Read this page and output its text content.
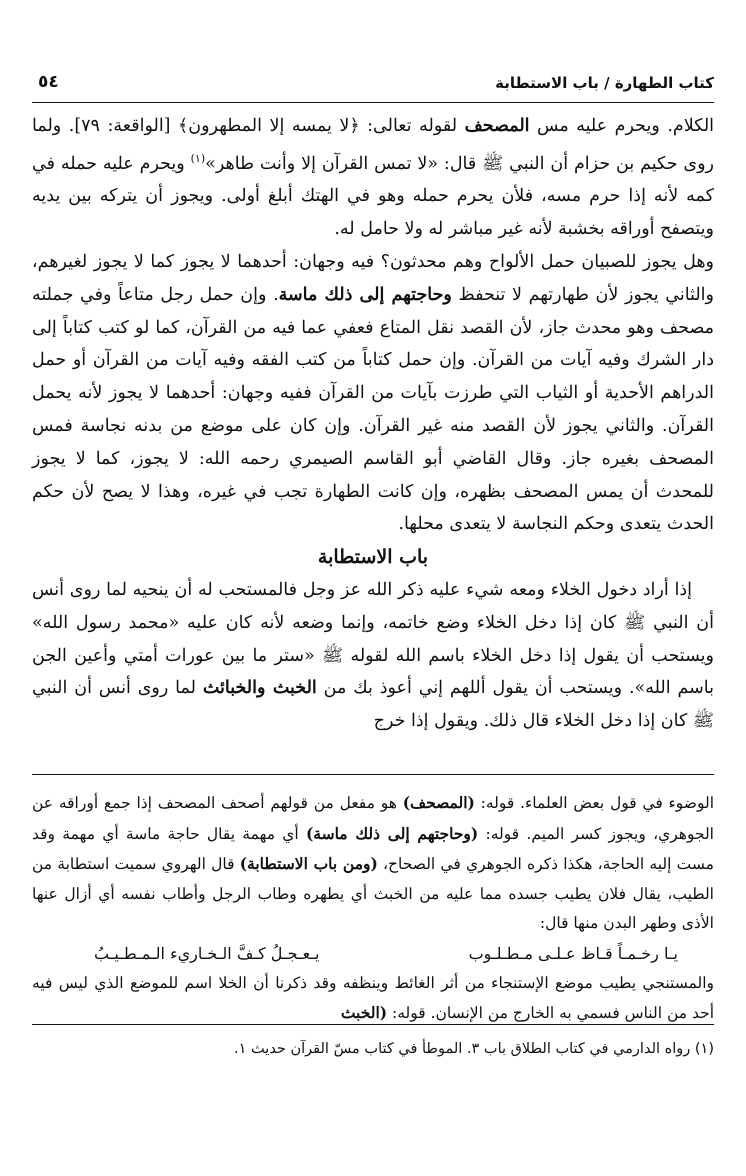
كتاب الطهارة / باب الاستطابة
٥٤

الكلام. ويحرم عليه مس المصحف لقوله تعالى: ﴿لا يمسه إلا المطهرون﴾ [الواقعة: ٧٩]. ولما روى حكيم بن حزام أن النبي ﷺ قال: «لا تمس القرآن إلا وأنت طاهر»$^{(١)}$ ويحرم عليه حمله في كمه لأنه إذا حرم مسه، فلأن يحرم حمله وهو في الهتك أبلغ أولى. ويجوز أن يتركه بين يديه ويتصفح أوراقه بخشبة لأنه غير مباشر له ولا حامل له.

وهل يجوز للصبيان حمل الألواح وهم محدثون؟ فيه وجهان: أحدهما لا يجوز كما لا يجوز لغيرهم، والثاني يجوز لأن طهارتهم لا تنحفظ وحاجتهم إلى ذلك ماسة. وإن حمل رجل متاعاً وفي جملته مصحف وهو محدث جاز، لأن القصد نقل المتاع فعفي عما فيه من القرآن، كما لو كتب كتاباً إلى دار الشرك وفيه آيات من القرآن. وإن حمل كتاباً من كتب الفقه وفيه آيات من القرآن أو حمل الدراهم الأحدية أو الثياب التي طرزت بآيات من القرآن ففيه وجهان: أحدهما لا يجوز لأنه يحمل القرآن. والثاني يجوز لأن القصد منه غير القرآن. وإن كان على موضع من بدنه نجاسة فمس المصحف بغيره جاز. وقال القاضي أبو القاسم الصيمري رحمه الله: لا يجوز، كما لا يجوز للمحدث أن يمس المصحف بظهره، وإن كانت الطهارة تجب في غيره، وهذا لا يصح لأن حكم الحدث يتعدى وحكم النجاسة لا يتعدى محلها.

باب الاستطابة

إذا أراد دخول الخلاء ومعه شيء عليه ذكر الله عز وجل فالمستحب له أن ينحيه لما روى أنس أن النبي ﷺ كان إذا دخل الخلاء وضع خاتمه، وإنما وضعه لأنه كان عليه «محمد رسول الله» ويستحب أن يقول إذا دخل الخلاء باسم الله لقوله ﷺ «ستر ما بين عورات أمتي وأعين الجن باسم الله». ويستحب أن يقول أللهم إني أعوذ بك من الخبث والخبائث لما روى أنس أن النبي ﷺ كان إذا دخل الخلاء قال ذلك. ويقول إذا خرج

الوضوء في قول بعض العلماء. قوله: (المصحف) هو مفعل من قولهم أصحف المصحف إذا جمع أوراقه عن الجوهري، ويجوز كسر الميم. قوله: (وحاجتهم إلى ذلك ماسة) أي مهمة يقال حاجة ماسة أي مهمة وقد مست إليه الحاجة، هكذا ذكره الجوهري في الصحاح، (ومن باب الاستطابة) قال الهروي سميت استطابة من الطيب، يقال فلان يطيب جسده مما عليه من الخبث أي يطهره وطاب الرجل وأطاب نفسه أي أزال عنها الأذى وطهر البدن منها قال:

يـا رخـمـاً قـاظ عـلـى مـطـلـوب
يـعـجـلُ كـفَّ الـخـاريء الـمـطـيـبُ

والمستنجي يطيب موضع الإستنجاء من أثر الغائط وينظفه وقد ذكرنا أن الخلا اسم للموضع الذي ليس فيه أحد من الناس فسمي به الخارج من الإنسان. قوله: (الخبث

(١) رواه الدارمي في كتاب الطلاق باب ٣. الموطأ في كتاب مسّ القرآن حديث ١.
